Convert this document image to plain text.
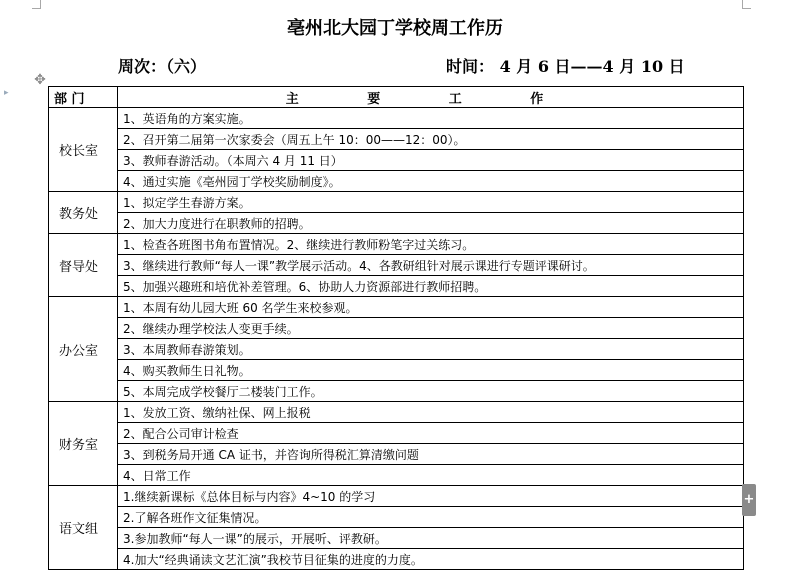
▸
亳州北大园丁学校周工作历
周次：（六）	时间： 4 月 6 日——4 月 10 日
✥
部 门	主 要 工 作
校长室	1、英语角的方案实施。
	2、召开第二届第一次家委会（周五上午 10：00——12：00）。
	3、教师春游活动。（本周六 4 月 11 日）
	4、通过实施《亳州园丁学校奖励制度》。
教务处	1、拟定学生春游方案。
	2、加大力度进行在职教师的招聘。
督导处	1、检查各班图书角布置情况。2、继续进行教师粉笔字过关练习。
	3、继续进行教师“每人一课”教学展示活动。4、各教研组针对展示课进行专题评课研讨。
	5、加强兴趣班和培优补差管理。6、协助人力资源部进行教师招聘。
办公室	1、本周有幼儿园大班 60 名学生来校参观。
	2、继续办理学校法人变更手续。
	3、本周教师春游策划。
	4、购买教师生日礼物。
	5、本周完成学校餐厅二楼装门工作。
财务室	1、发放工资、缴纳社保、网上报税
	2、配合公司审计检查
	3、到税务局开通 CA 证书，并咨询所得税汇算清缴问题
	4、日常工作
语文组	1.继续新课标《总体目标与内容》4~10 的学习
	2.了解各班作文征集情况。
	3.参加教师“每人一课”的展示，开展听、评教研。
	4.加大“经典诵读文艺汇演”我校节目征集的进度的力度。
+
